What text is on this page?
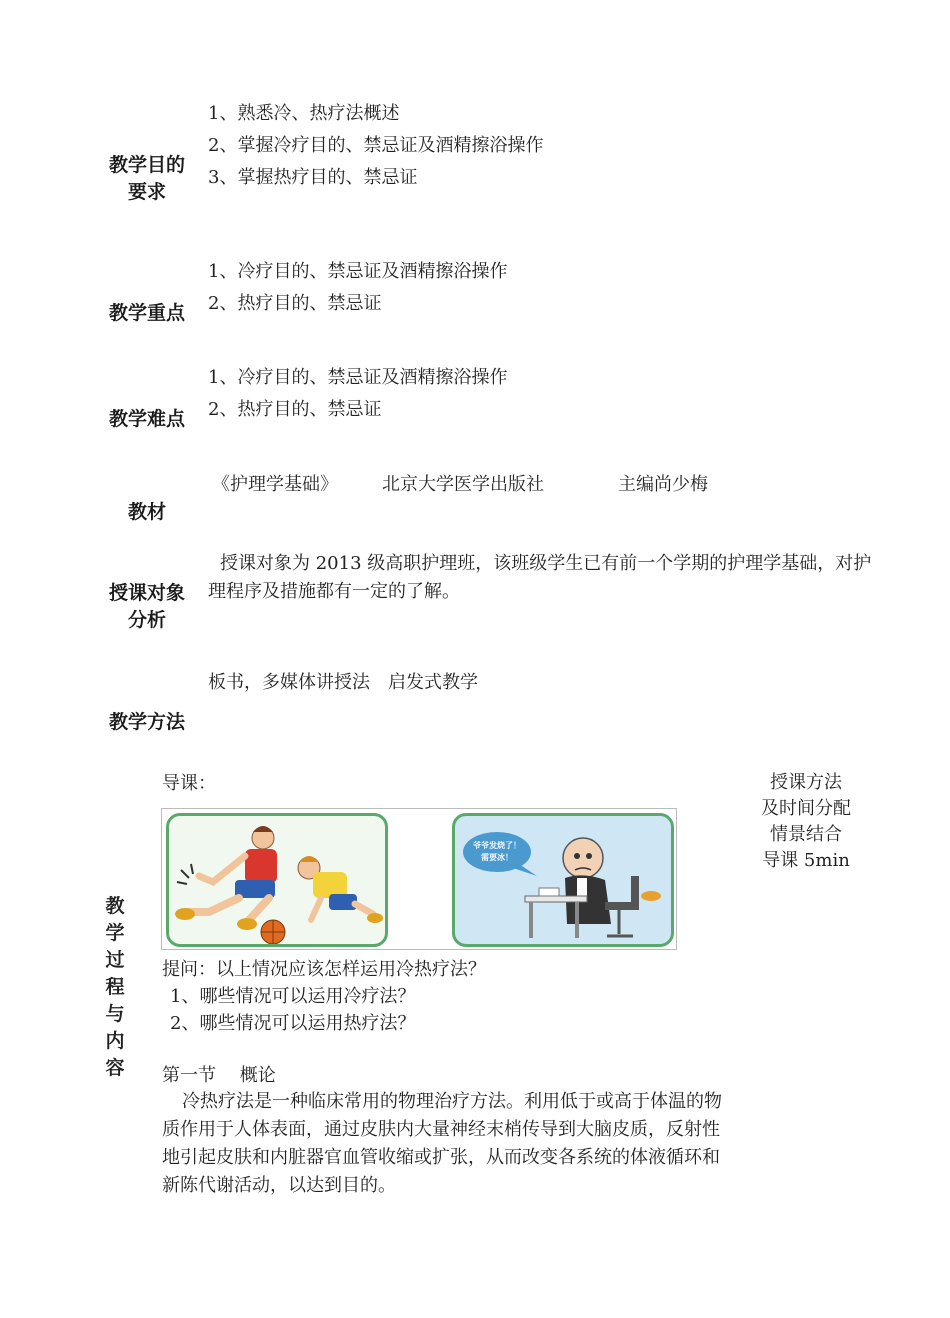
教学目的
要求
1、熟悉冷、热疗法概述
2、掌握冷疗目的、禁忌证及酒精擦浴操作
3、掌握热疗目的、禁忌证
教学重点
1、冷疗目的、禁忌证及酒精擦浴操作
2、热疗目的、禁忌证
教学难点
1、冷疗目的、禁忌证及酒精擦浴操作
2、热疗目的、禁忌证
教材
《护理学基础》 北京大学医学出版社	主编尚少梅
授课对象
分析
授课对象为 2013 级高职护理班，该班级学生已有前一个学期的护理学基础，对护理程序及措施都有一定的了解。
教学方法
板书，多媒体讲授法　启发式教学
教
学
过
程
与
内
容
导课：
爷爷发烧了！
需要冰！
提问：以上情况应该怎样运用冷热疗法？
1、哪些情况可以运用冷疗法？
2、哪些情况可以运用热疗法？
第一节　 概论
冷热疗法是一种临床常用的物理治疗方法。利用低于或高于体温的物质作用于人体表面，通过皮肤内大量神经末梢传导到大脑皮质，反射性地引起皮肤和内脏器官血管收缩或扩张，从而改变各系统的体液循环和新陈代谢活动，以达到目的。
授课方法
及时间分配
情景结合
导课 5min
